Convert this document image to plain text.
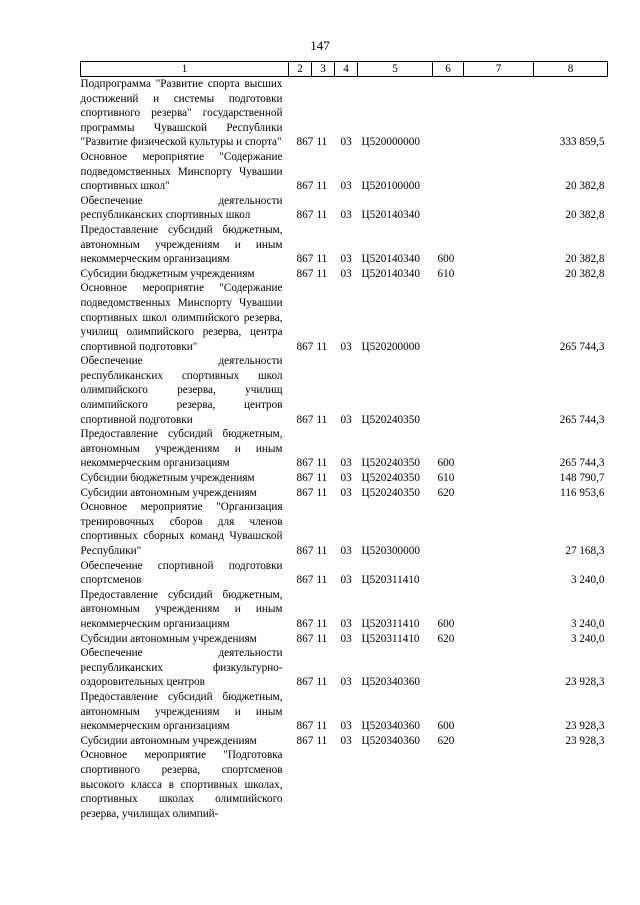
147
1	2	3	4	5	6	7	8
Подпрограмма "Развитие спорта высших достижений и системы подготовки спортивного резерва" государственной программы Чувашской Республики "Развитие физической культуры и спорта"	867	11	03	Ц520000000			333 859,5
Основное мероприятие "Содержание подведомственных Минспорту Чувашии спортивных школ"	867	11	03	Ц520100000			20 382,8
Обеспечение деятельности республиканских спортивных школ	867	11	03	Ц520140340			20 382,8
Предоставление субсидий бюджетным, автономным учреждениям и иным некоммерческим организациям	867	11	03	Ц520140340	600		20 382,8
Субсидии бюджетным учреждениям	867	11	03	Ц520140340	610		20 382,8
Основное мероприятие "Содержание подведомственных Минспорту Чувашии спортивных школ олимпийского резерва, училищ олимпийского резерва, центра спортивной подготовки"	867	11	03	Ц520200000			265 744,3
Обеспечение деятельности республиканских спортивных школ олимпийского резерва, училищ олимпийского резерва, центров спортивной подготовки	867	11	03	Ц520240350			265 744,3
Предоставление субсидий бюджетным, автономным учреждениям и иным некоммерческим организациям	867	11	03	Ц520240350	600		265 744,3
Субсидии бюджетным учреждениям	867	11	03	Ц520240350	610		148 790,7
Субсидии автономным учреждениям	867	11	03	Ц520240350	620		116 953,6
Основное мероприятие "Организация тренировочных сборов для членов спортивных сборных команд Чувашской Республики"	867	11	03	Ц520300000			27 168,3
Обеспечение спортивной подготовки спортсменов	867	11	03	Ц520311410			3 240,0
Предоставление субсидий бюджетным, автономным учреждениям и иным некоммерческим организациям	867	11	03	Ц520311410	600		3 240,0
Субсидии автономным учреждениям	867	11	03	Ц520311410	620		3 240,0
Обеспечение деятельности республиканских физкультурно-оздоровительных центров	867	11	03	Ц520340360			23 928,3
Предоставление субсидий бюджетным, автономным учреждениям и иным некоммерческим организациям	867	11	03	Ц520340360	600		23 928,3
Субсидии автономным учреждениям	867	11	03	Ц520340360	620		23 928,3
Основное мероприятие "Подготовка спортивного резерва, спортсменов высокого класса в спортивных школах, спортивных школах олимпийского резерва, училищах олимпий-							
